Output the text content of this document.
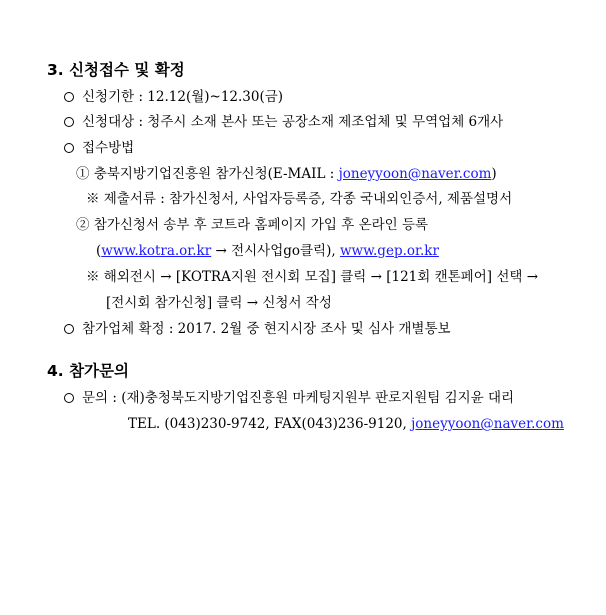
3. 신청접수 및 확정
신청기한 : 12.12(월)~12.30(금)
신청대상 : 청주시 소재 본사 또는 공장소재 제조업체 및 무역업체 6개사
접수방법
① 충북지방기업진흥원 참가신청(E-MAIL : joneyyoon@naver.com)
※ 제출서류 : 참가신청서, 사업자등록증, 각종 국내외인증서, 제품설명서
② 참가신청서 송부 후 코트라 홈페이지 가입 후 온라인 등록
(www.kotra.or.kr → 전시사업go클릭), www.gep.or.kr
※ 해외전시 → [KOTRA지원 전시회 모집] 클릭 → [121회 캔톤페어] 선택 →
[전시회 참가신청] 클릭 → 신청서 작성
참가업체 확정 : 2017. 2월 중 현지시장 조사 및 심사 개별통보
4. 참가문의
문의 : (재)충청북도지방기업진흥원 마케팅지원부 판로지원팀 김지윤 대리
TEL. (043)230-9742, FAX(043)236-9120, joneyyoon@naver.com
